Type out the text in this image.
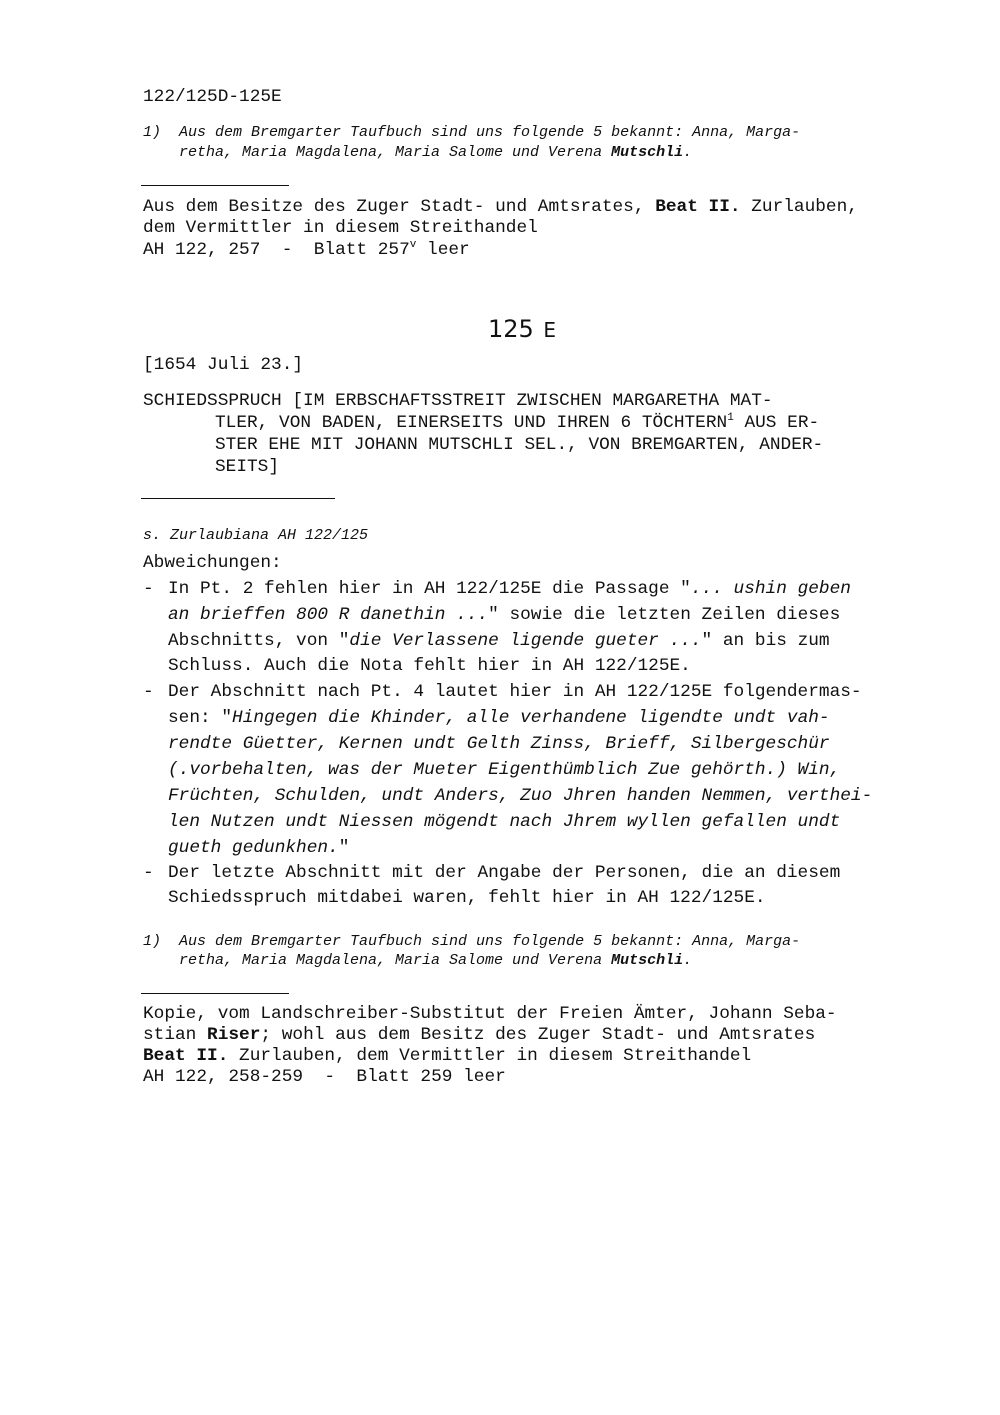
122/125D-125E
1) Aus dem Bremgarter Taufbuch sind uns folgende 5 bekannt: Anna, Marga-
retha, Maria Magdalena, Maria Salome und Verena Mutschli.
Aus dem Besitze des Zuger Stadt- und Amtsrates, Beat II. Zurlauben,
dem Vermittler in diesem Streithandel
AH 122, 257  -  Blatt 257$^v$ leer
125 E
[1654 Juli 23.]
SCHIEDSSPRUCH [IM ERBSCHAFTSSTREIT ZWISCHEN MARGARETHA MAT-
TLER, VON BADEN, EINERSEITS UND IHREN 6 TÖCHTERN$^1$ AUS ER-
STER EHE MIT JOHANN MUTSCHLI SEL., VON BREMGARTEN, ANDER-
SEITS]
s. Zurlaubiana AH 122/125
Abweichungen:
- In Pt. 2 fehlen hier in AH 122/125E die Passage "... ushin geben
an brieffen 800 R danethin ..." sowie die letzten Zeilen dieses
Abschnitts, von "die Verlassene ligende gueter ..." an bis zum
Schluss. Auch die Nota fehlt hier in AH 122/125E.
- Der Abschnitt nach Pt. 4 lautet hier in AH 122/125E folgendermas-
sen: "Hingegen die Khinder, alle verhandene ligendte undt vah-
rendte Güetter, Kernen undt Gelth Zinss, Brieff, Silbergeschür
(.vorbehalten, was der Mueter Eigenthümblich Zue gehörth.) Win,
Früchten, Schulden, undt Anders, Zuo Jhren handen Nemmen, verthei-
len Nutzen undt Niessen mögendt nach Jhrem wyllen gefallen undt
gueth gedunkhen."
- Der letzte Abschnitt mit der Angabe der Personen, die an diesem
Schiedsspruch mitdabei waren, fehlt hier in AH 122/125E.
1) Aus dem Bremgarter Taufbuch sind uns folgende 5 bekannt: Anna, Marga-
retha, Maria Magdalena, Maria Salome und Verena Mutschli.
Kopie, vom Landschreiber-Substitut der Freien Ämter, Johann Seba-
stian Riser; wohl aus dem Besitz des Zuger Stadt- und Amtsrates
Beat II. Zurlauben, dem Vermittler in diesem Streithandel
AH 122, 258-259  -  Blatt 259 leer
